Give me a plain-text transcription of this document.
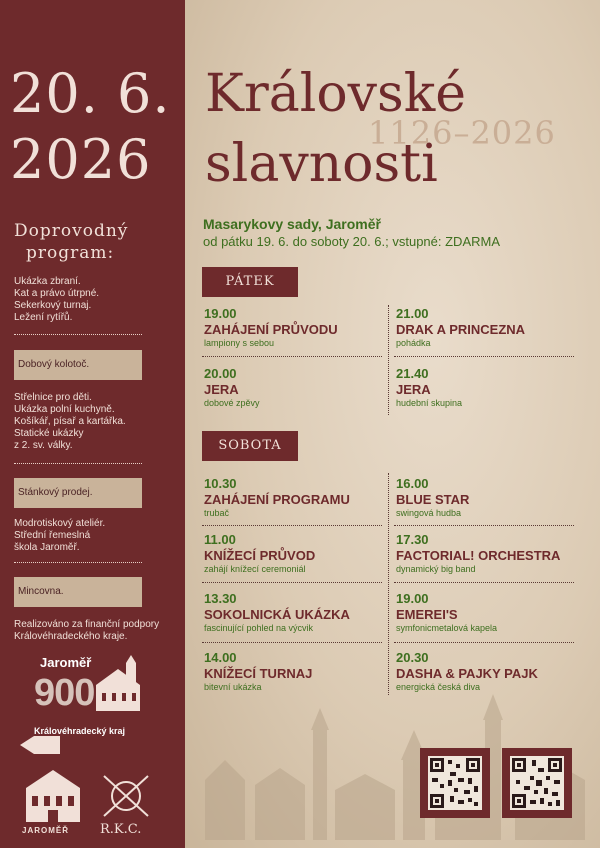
20. 6.
2026
Doprovodný
program:
Ukázka zbraní.
Kat a právo útrpné.
Sekerkový turnaj.
Ležení rytířů.
Dobový kolotoč.
Střelnice pro děti.
Ukázka polní kuchyně.
Košíkář, písař a kartářka.
Statické ukázky
z 2. sv. války.
Stánkový prodej.
Modrotiskový ateliér.
Střední řemeslná
škola Jaroměř.
Mincovna.
Realizováno za finanční podpory
Královéhradeckého kraje.
Jaroměř
900
Královéhradecký kraj
JAROMĚŘ R.K.C.
Královské
1126–2026
slavnosti
Masarykovy sady, Jaroměř
od pátku 19. 6. do soboty 20. 6.; vstupné: ZDARMA
PÁTEK
19.00
ZAHÁJENÍ PRŮVODU
lampiony s sebou
21.00
DRAK A PRINCEZNA
pohádka
20.00
JERA
dobové zpěvy
21.40
JERA
hudební skupina
SOBOTA
10.30
ZAHÁJENÍ PROGRAMU
trubač
16.00
BLUE STAR
swingová hudba
11.00
KNÍŽECÍ PRŮVOD
zahájí knížecí ceremoniál
17.30
FACTORIAL! ORCHESTRA
dynamický big band
13.30
SOKOLNICKÁ UKÁZKA
fascinující pohled na výcvik
19.00
EMEREI'S
symfonicmetalová kapela
14.00
KNÍŽECÍ TURNAJ
bitevní ukázka
20.30
DASHA & PAJKY PAJK
energická česká diva
